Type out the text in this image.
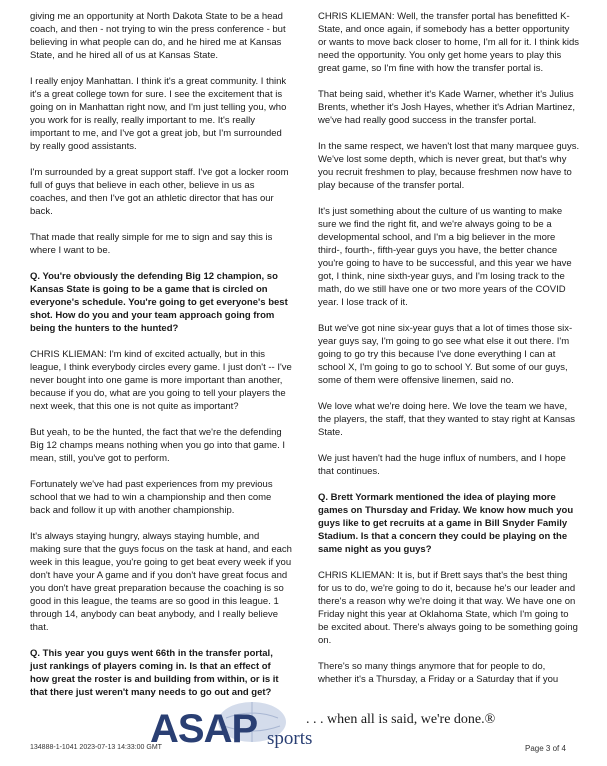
giving me an opportunity at North Dakota State to be a head coach, and then - not trying to win the press conference - but believing in what people can do, and he hired me at Kansas State, and he hired all of us at Kansas State.

I really enjoy Manhattan. I think it's a great community. I think it's a great college town for sure. I see the excitement that is going on in Manhattan right now, and I'm just telling you, who you work for is really, really important to me. It's really important to me, and I've got a great job, but I'm surrounded by really good assistants.

I'm surrounded by a great support staff. I've got a locker room full of guys that believe in each other, believe in us as coaches, and then I've got an athletic director that has our back.

That made that really simple for me to sign and say this is where I want to be.

Q. You're obviously the defending Big 12 champion, so Kansas State is going to be a game that is circled on everyone's schedule. You're going to get everyone's best shot. How do you and your team approach going from being the hunters to the hunted?

CHRIS KLIEMAN: I'm kind of excited actually, but in this league, I think everybody circles every game. I just don't -- I've never bought into one game is more important than another, because if you do, what are you going to tell your players the next week, that this one is not quite as important?

But yeah, to be the hunted, the fact that we're the defending Big 12 champs means nothing when you go into that game. I mean, still, you've got to perform.

Fortunately we've had past experiences from my previous school that we had to win a championship and then come back and follow it up with another championship.

It's always staying hungry, always staying humble, and making sure that the guys focus on the task at hand, and each week in this league, you're going to get beat every week if you don't have your A game and if you don't have great focus and you don't have great preparation because the coaching is so good in this league, the teams are so good in this league. 1 through 14, anybody can beat anybody, and I really believe that.

Q. This year you guys went 66th in the transfer portal, just rankings of players coming in. Is that an effect of how great the roster is and building from within, or is it that there just weren't many needs to go out and get?

CHRIS KLIEMAN: Well, the transfer portal has benefitted K-State, and once again, if somebody has a better opportunity or wants to move back closer to home, I'm all for it. I think kids need the opportunity. You only get home years to play this great game, so I'm fine with how the transfer portal is.

That being said, whether it's Kade Warner, whether it's Julius Brents, whether it's Josh Hayes, whether it's Adrian Martinez, we've had really good success in the transfer portal.

In the same respect, we haven't lost that many marquee guys. We've lost some depth, which is never great, but that's why you recruit freshmen to play, because freshmen now have to play because of the transfer portal.

It's just something about the culture of us wanting to make sure we find the right fit, and we're always going to be a developmental school, and I'm a big believer in the more third-, fourth-, fifth-year guys you have, the better chance you're going to have to be successful, and this year we have got, I think, nine sixth-year guys, and I'm losing track to the math, do we still have one or two more years of the COVID year. I lose track of it.

But we've got nine six-year guys that a lot of times those six-year guys say, I'm going to go see what else it out there. I'm going to go try this because I've done everything I can at school X, I'm going to go to school Y. But some of our guys, some of them were offensive linemen, said no.

We love what we're doing here. We love the team we have, the players, the staff, that they wanted to stay right at Kansas State.

We just haven't had the huge influx of numbers, and I hope that continues.

Q. Brett Yormark mentioned the idea of playing more games on Thursday and Friday. We know how much you guys like to get recruits at a game in Bill Snyder Family Stadium. Is that a concern they could be playing on the same night as you guys?

CHRIS KLIEMAN: It is, but if Brett says that's the best thing for us to do, we're going to do it, because he's our leader and there's a reason why we're doing it that way. We have one on Friday night this year at Oklahoma State, which I'm going to be excited about. There's always going to be something going on.

There's so many things anymore that for people to do, whether it's a Thursday, a Friday or a Saturday that if you

ASAP sports
. . . when all is said, we're done.®
134888-1-1041 2023-07-13 14:33:00 GMT	Page 3 of 4
